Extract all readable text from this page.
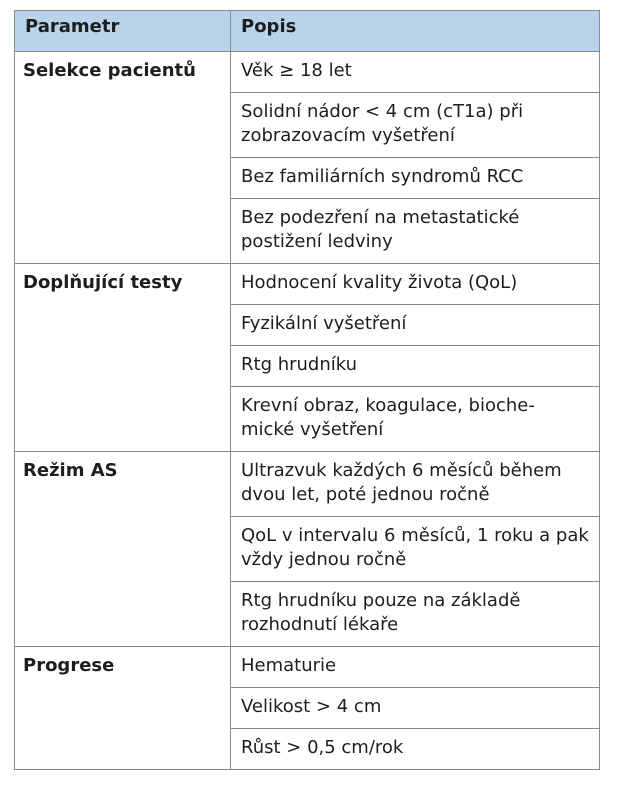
Parametr	Popis
Selekce pacientů	Věk ≥ 18 let

	Solidní nádor < 4 cm (cT1a) při zobrazovacím vyšetření

	Bez familiárních syndromů RCC

	Bez podezření na metastatické postižení ledviny

Doplňující testy	Hodnocení kvality života (QoL)
	Fyzikální vyšetření
	Rtg hrudníku

	Krevní obraz, koagulace, bioche-mické vyšetření

Režim AS	Ultrazvuk každých 6 měsíců během dvou let, poté jednou ročně

	QoL v intervalu 6 měsíců, 1 roku a pak vždy jednou ročně

	Rtg hrudníku pouze na základě rozhodnutí lékaře

Progrese	Hematurie
	Velikost > 4 cm
	Růst > 0,5 cm/rok
